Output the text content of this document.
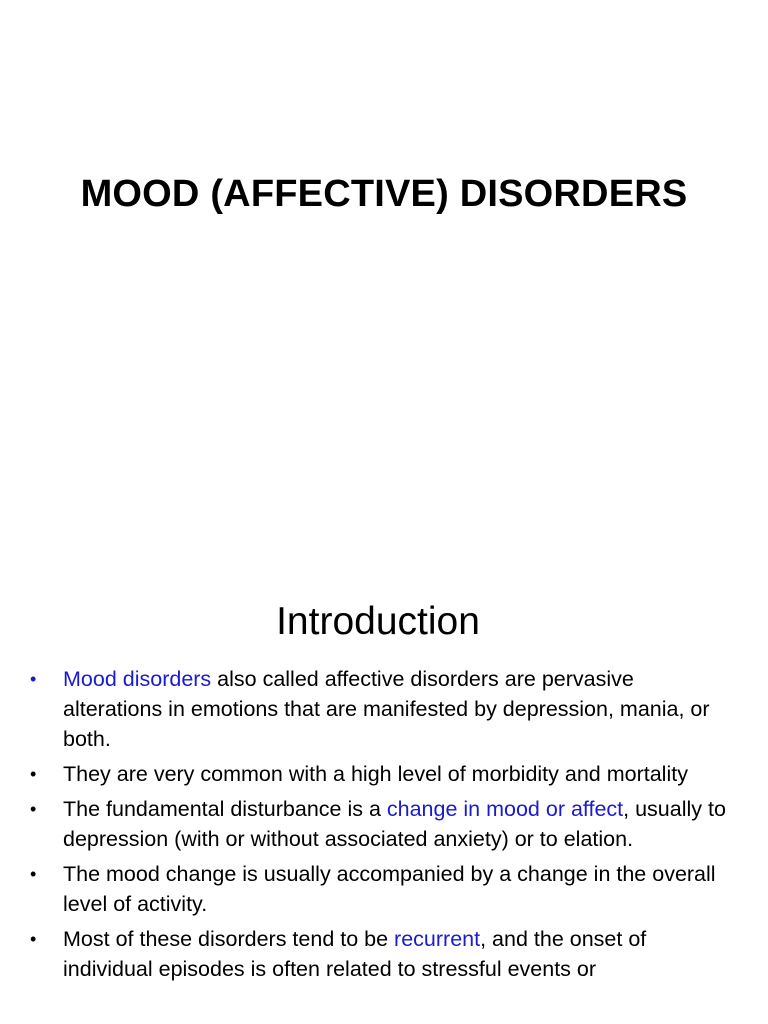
MOOD (AFFECTIVE) DISORDERS
Introduction
• Mood disorders also called affective disorders are pervasive alterations in emotions that are manifested by depression, mania, or both.
• They are very common with a high level of morbidity and mortality
• The fundamental disturbance is a change in mood or affect, usually to depression (with or without associated anxiety) or to elation.
• The mood change is usually accompanied by a change in the overall level of activity.
• Most of these disorders tend to be recurrent, and the onset of individual episodes is often related to stressful events or
